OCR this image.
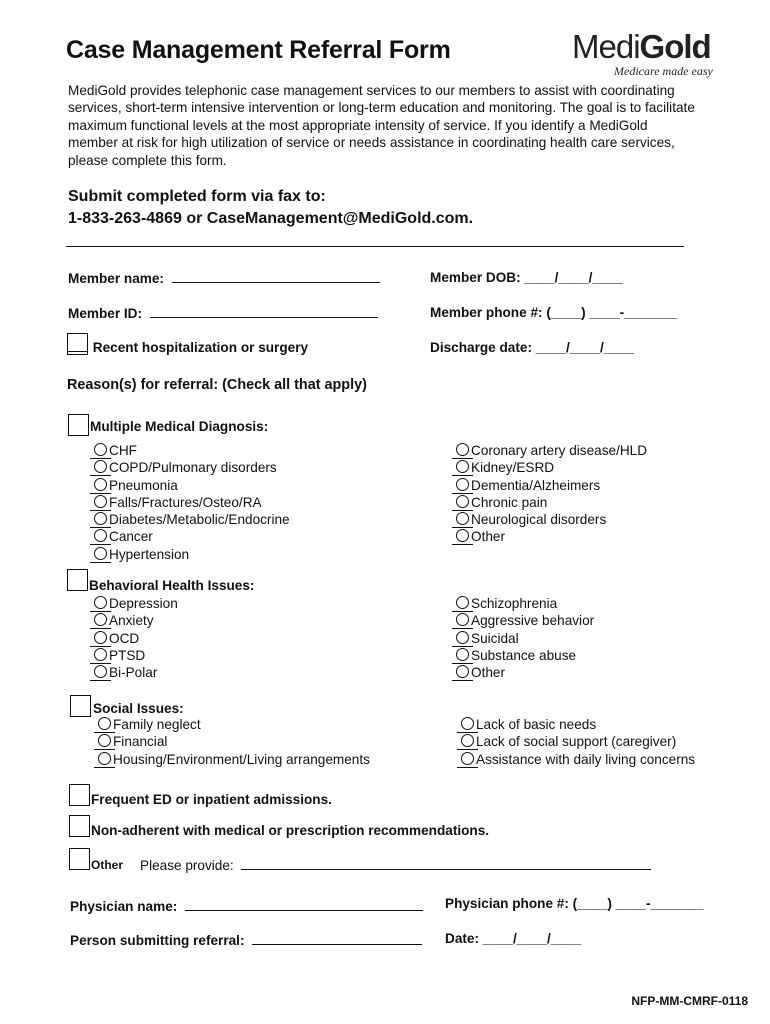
Case Management Referral Form	MediGold
Medicare made easy
MediGold provides telephonic case management services to our members to assist with coordinating services, short-term intensive intervention or long-term education and monitoring. The goal is to facilitate maximum functional levels at the most appropriate intensity of service. If you identify a MediGold member at risk for high utilization of service or needs assistance in coordinating health care services, please complete this form.
Submit completed form via fax to:
1-833-263-4869 or CaseManagement@MediGold.com.
Member name:	Member DOB: ____/____/____
Member ID:	Member phone #: (____) ____-_______
Recent hospitalization or surgery	Discharge date: ____/____/____
Reason(s) for referral: (Check all that apply)
Multiple Medical Diagnosis:
CHF
COPD/Pulmonary disorders
Pneumonia
Falls/Fractures/Osteo/RA
Diabetes/Metabolic/Endocrine
Cancer
Hypertension
Coronary artery disease/HLD
Kidney/ESRD
Dementia/Alzheimers
Chronic pain
Neurological disorders
Other
Behavioral Health Issues:
Depression
Anxiety
OCD
PTSD
Bi-Polar
Schizophrenia
Aggressive behavior
Suicidal
Substance abuse
Other
Social Issues:
Family neglect
Financial
Housing/Environment/Living arrangements
Lack of basic needs
Lack of social support (caregiver)
Assistance with daily living concerns
Frequent ED or inpatient admissions.
Non-adherent with medical or prescription recommendations.
Other Please provide:
Physician name:	Physician phone #: (____) ____-_______
Person submitting referral:	Date: ____/____/____
NFP-MM-CMRF-0118
